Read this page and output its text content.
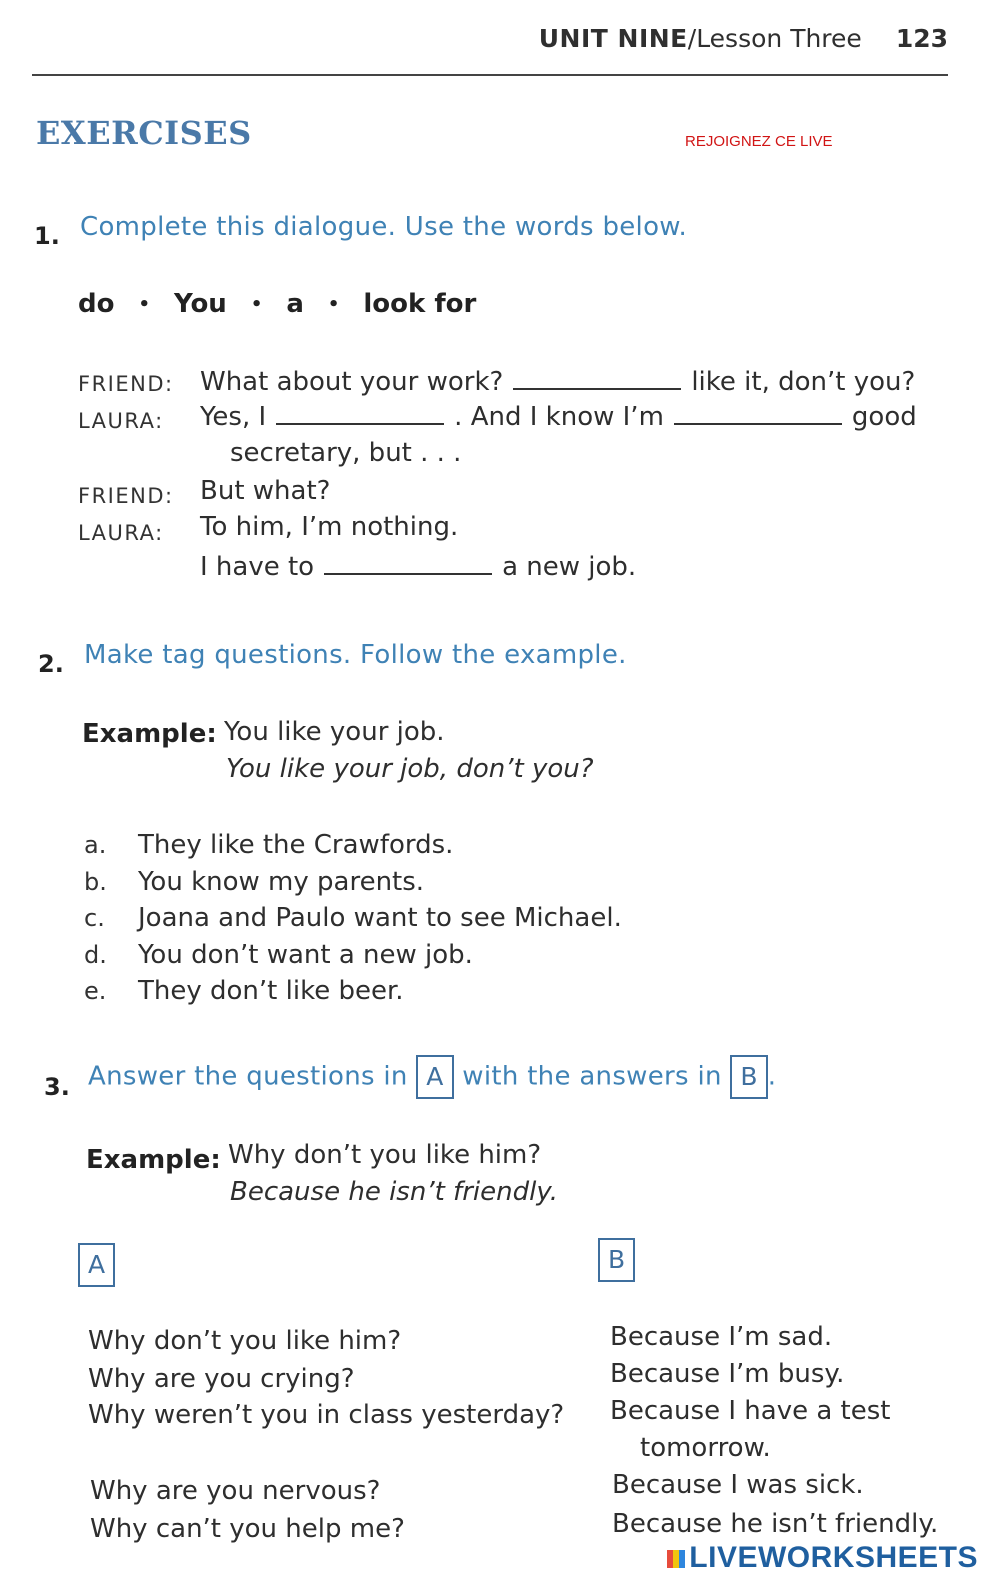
UNIT NINE/Lesson Three 123
EXERCISES	REJOIGNEZ CE LIVE
1. Complete this dialogue. Use the words below.
do • You • a • look for
FRIEND: What about your work?	like it, don’t you?
LAURA: Yes, I	. And I know I’m	good
secretary, but . . .
FRIEND: But what?
LAURA: To him, I’m nothing.
I have to	a new job.
2. Make tag questions. Follow the example.
Example: You like your job.
You like your job, don’t you?
a. They like the Crawfords.
b. You know my parents.
c. Joana and Paulo want to see Michael.
d. You don’t want a new job.
e. They don’t like beer.
3. Answer the questions in A with the answers in B .
Example: Why don’t you like him?
Because he isn’t friendly.
A	B
Why don’t you like him?
Why are you crying?
Why weren’t you in class yesterday?
Why are you nervous?
Why can’t you help me?
Because I’m sad.
Because I’m busy.
Because I have a test
tomorrow.
Because I was sick.
Because he isn’t friendly.
LIVEWORKSHEETS
